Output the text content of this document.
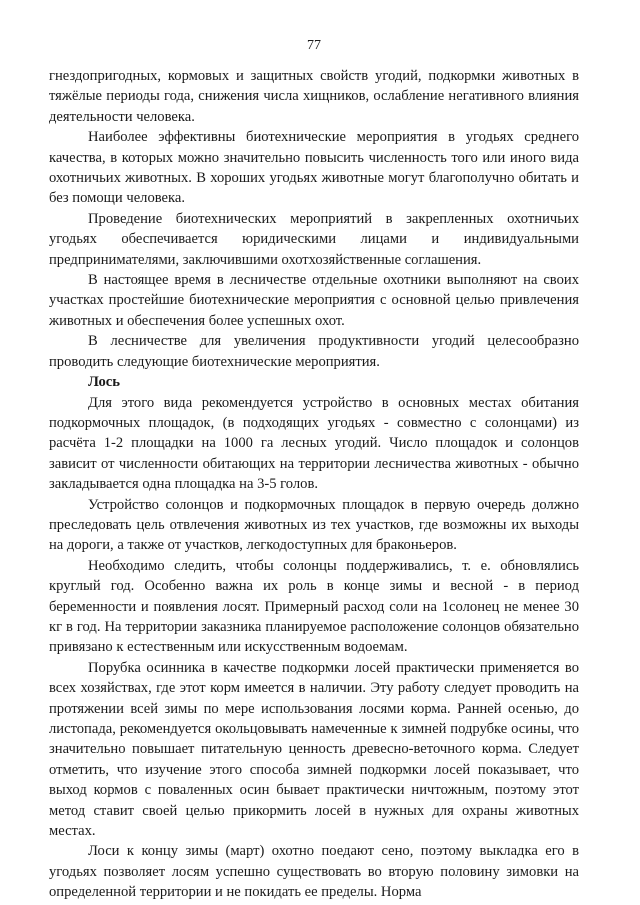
77

гнездопригодных, кормовых и защитных свойств угодий, подкормки животных в тяжёлые периоды года, снижения числа хищников, ослабление негативного влияния деятельности человека.

Наиболее эффективны биотехнические мероприятия в угодьях среднего качества, в которых можно значительно повысить численность того или иного вида охотничьих животных. В хороших угодьях животные могут благополучно обитать и без помощи человека.

Проведение биотехнических мероприятий в закрепленных охотничьих угодьях обеспечивается юридическими лицами и индивидуальными предпринимателями, заключившими охотхозяйственные соглашения.

В настоящее время в лесничестве отдельные охотники выполняют на своих участках простейшие биотехнические мероприятия с основной целью привлечения животных и обеспечения более успешных охот.

В лесничестве для увеличения продуктивности угодий целесообразно проводить следующие биотехнические мероприятия.

Лось

Для этого вида рекомендуется устройство в основных местах обитания подкормочных площадок, (в подходящих угодьях - совместно с солонцами) из расчёта 1-2 площадки на 1000 га лесных угодий. Число площадок и солонцов зависит от численности обитающих на территории лесничества животных - обычно закладывается одна площадка на 3-5 голов.

Устройство солонцов и подкормочных площадок в первую очередь должно преследовать цель отвлечения животных из тех участков, где возможны их выходы на дороги, а также от участков, легкодоступных для браконьеров.

Необходимо следить, чтобы солонцы поддерживались, т. е. обновлялись круглый год. Особенно важна их роль в конце зимы и весной - в период беременности и появления лосят. Примерный расход соли на 1солонец не менее 30 кг в год. На территории заказника планируемое расположение солонцов обязательно привязано к естественным или искусственным водоемам.

Порубка осинника в качестве подкормки лосей практически применяется во всех хозяйствах, где этот корм имеется в наличии. Эту работу следует проводить на протяжении всей зимы по мере использования лосями корма. Ранней осенью, до листопада, рекомендуется окольцовывать намеченные к зимней подрубке осины, что значительно повышает питательную ценность древесно-веточного корма. Следует отметить, что изучение этого способа зимней подкормки лосей показывает, что выход кормов с поваленных осин бывает практически ничтожным, поэтому этот метод ставит своей целью прикормить лосей в нужных для охраны животных местах.

Лоси к концу зимы (март) охотно поедают сено, поэтому выкладка его в угодьях позволяет лосям успешно существовать во вторую половину зимовки на определенной территории и не покидать ее пределы. Норма
